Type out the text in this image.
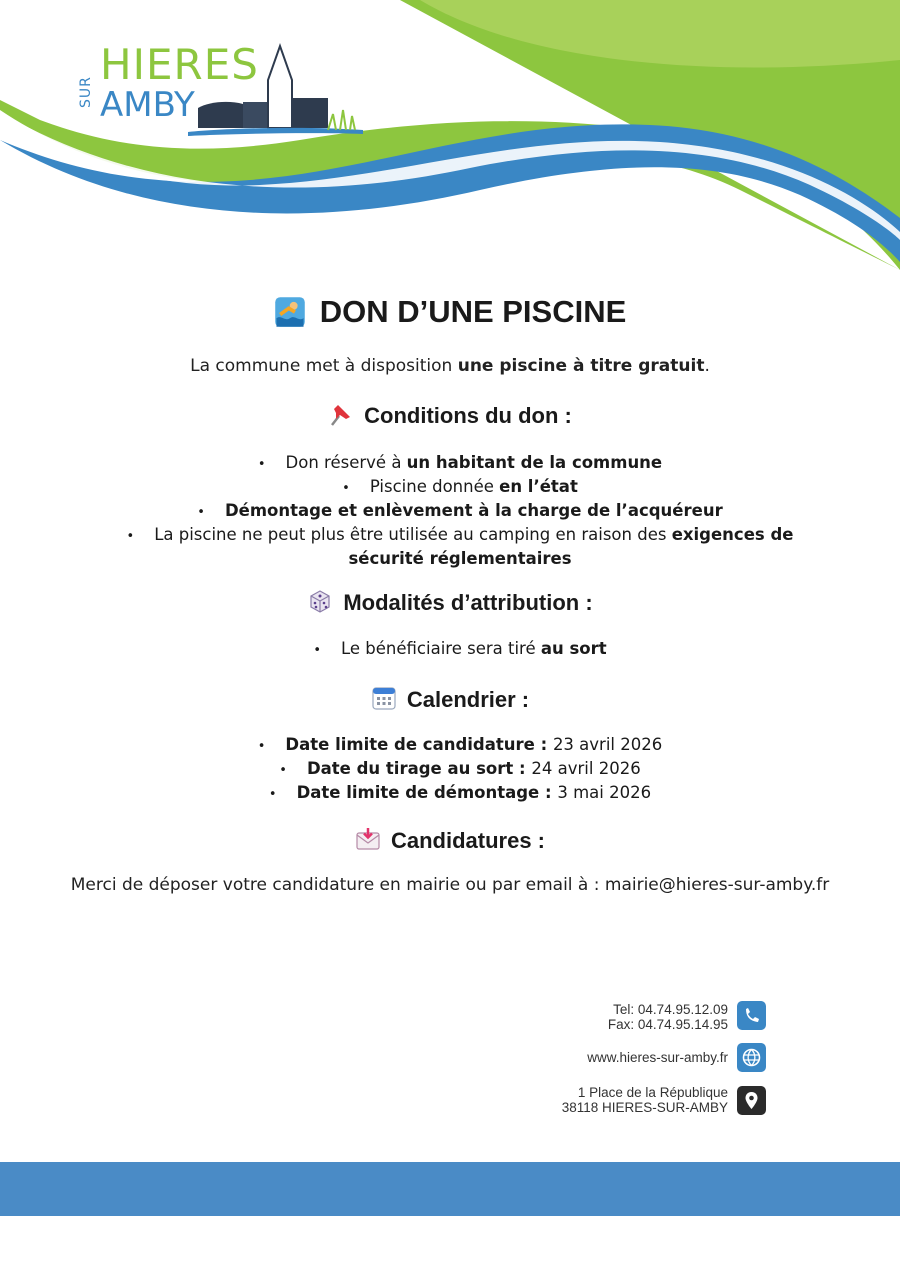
SUR
HIERES
AMBY
DON D’UNE PISCINE
La commune met à disposition une piscine à titre gratuit.
Conditions du don :
• Don réservé à un habitant de la commune
• Piscine donnée en l’état
• Démontage et enlèvement à la charge de l’acquéreur
• La piscine ne peut plus être utilisée au camping en raison des exigences de sécurité réglementaires
Modalités d’attribution :
• Le bénéficiaire sera tiré au sort
Calendrier :
• Date limite de candidature : 23 avril 2026
• Date du tirage au sort : 24 avril 2026
• Date limite de démontage : 3 mai 2026
Candidatures :
Merci de déposer votre candidature en mairie ou par email à : mairie@hieres-sur-amby.fr
Tel: 04.74.95.12.09
Fax: 04.74.95.14.95
www.hieres-sur-amby.fr
1 Place de la République
38118 HIERES-SUR-AMBY
